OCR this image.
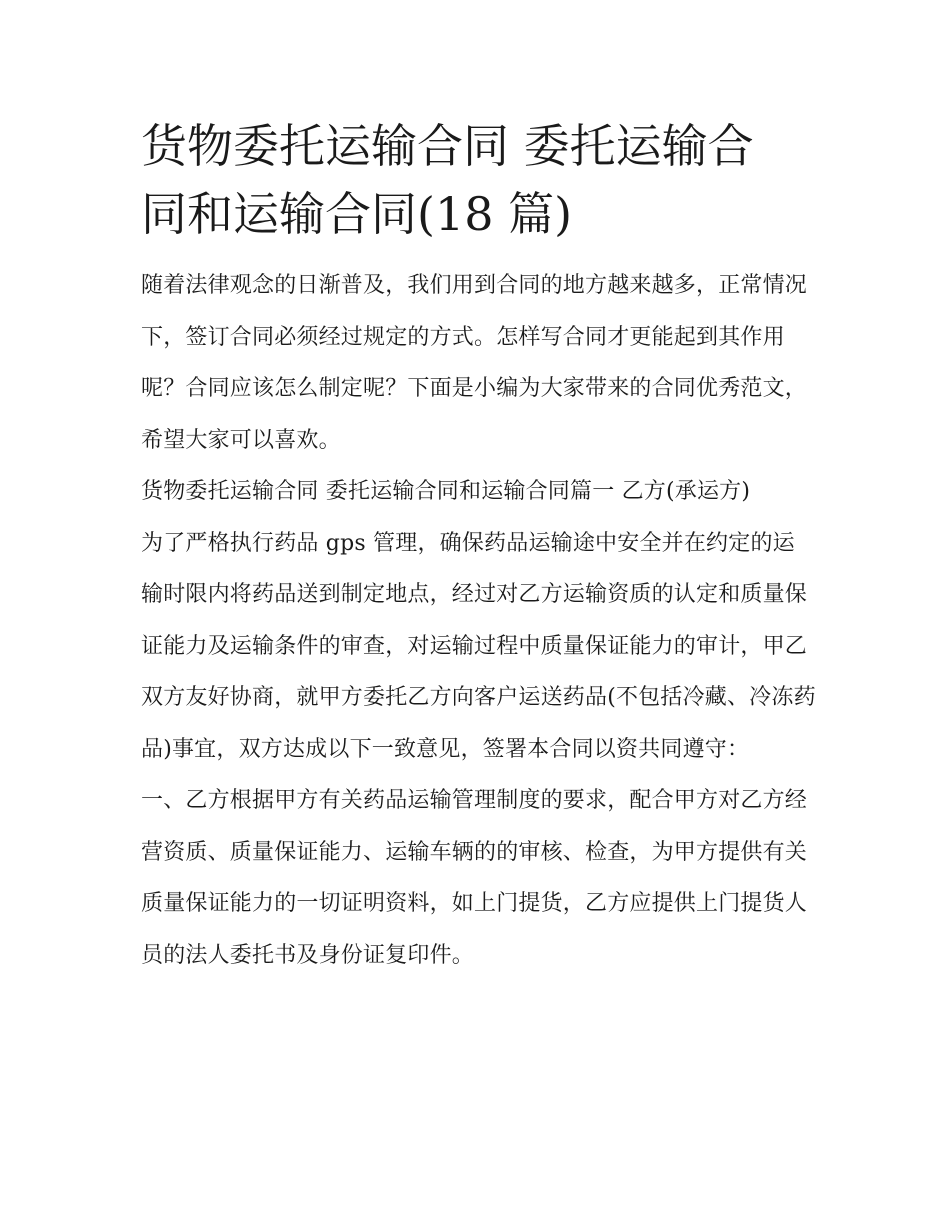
货物委托运输合同 委托运输合
同和运输合同(18 篇)

随着法律观念的日渐普及，我们用到合同的地方越来越多，正常情况下，签订合同必须经过规定的方式。怎样写合同才更能起到其作用呢？合同应该怎么制定呢？下面是小编为大家带来的合同优秀范文，希望大家可以喜欢。

货物委托运输合同 委托运输合同和运输合同篇一 乙方(承运方)

为了严格执行药品 gps 管理，确保药品运输途中安全并在约定的运输时限内将药品送到制定地点，经过对乙方运输资质的认定和质量保证能力及运输条件的审查，对运输过程中质量保证能力的审计，甲乙双方友好协商，就甲方委托乙方向客户运送药品(不包括冷藏、冷冻药品)事宜，双方达成以下一致意见，签署本合同以资共同遵守：

一、乙方根据甲方有关药品运输管理制度的要求，配合甲方对乙方经营资质、质量保证能力、运输车辆的的审核、检查，为甲方提供有关质量保证能力的一切证明资料，如上门提货，乙方应提供上门提货人员的法人委托书及身份证复印件。
